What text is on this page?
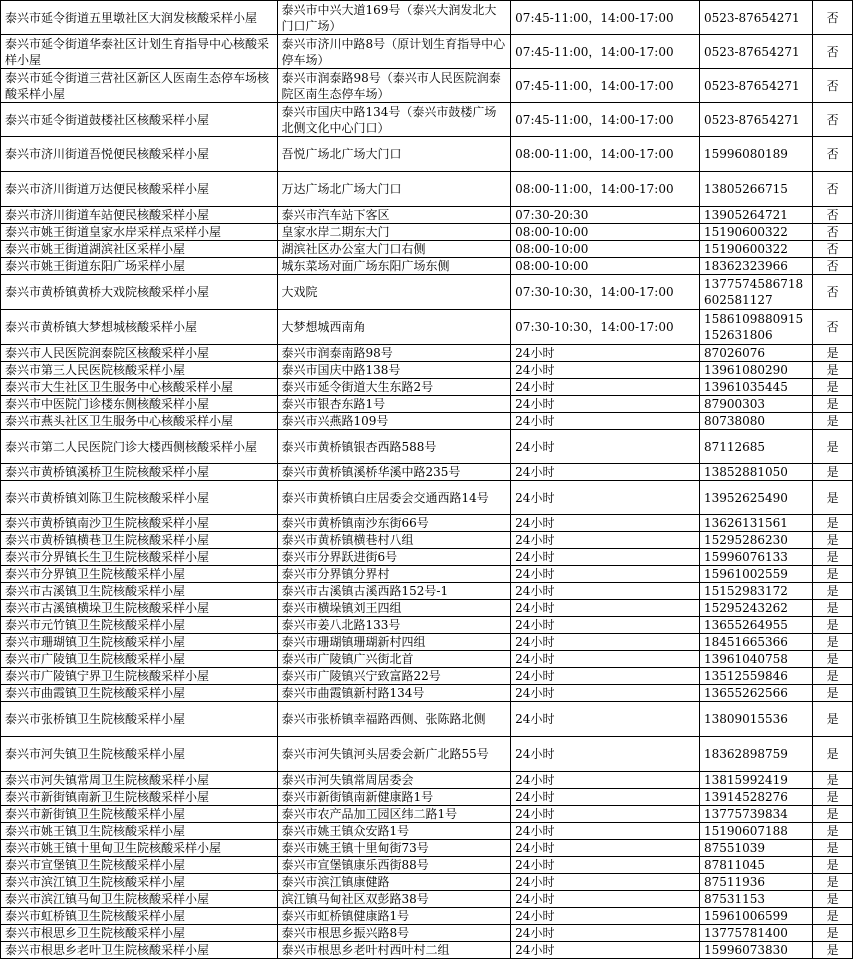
泰兴市延令街道五里墩社区大润发核酸采样小屋	泰兴市中兴大道169号（泰兴大润发北大门口广场）	07:45-11:00，14:00-17:00	0523-87654271	否
泰兴市延令街道华泰社区计划生育指导中心核酸采样小屋	泰兴市济川中路8号（原计划生育指导中心停车场）	07:45-11:00，14:00-17:00	0523-87654271	否
泰兴市延令街道三营社区新区人医南生态停车场核酸采样小屋	泰兴市润泰路98号（泰兴市人民医院润泰院区南生态停车场）	07:45-11:00，14:00-17:00	0523-87654271	否
泰兴市延令街道鼓楼社区核酸采样小屋	泰兴市国庆中路134号（泰兴市鼓楼广场北侧文化中心门口）	07:45-11:00，14:00-17:00	0523-87654271	否
泰兴市济川街道吾悦便民核酸采样小屋	吾悦广场北广场大门口	08:00-11:00，14:00-17:00	15996080189	否
泰兴市济川街道万达便民核酸采样小屋	万达广场北广场大门口	08:00-11:00，14:00-17:00	13805266715	否
泰兴市济川街道车站便民核酸采样小屋	泰兴市汽车站下客区	07:30-20:30	13905264721	否
泰兴市姚王街道皇家水岸采样点采样小屋	皇家水岸二期东大门	08:00-10:00	15190600322	否
泰兴市姚王街道湖滨社区采样小屋	湖滨社区办公室大门口右侧	08:00-10:00	15190600322	否
泰兴市姚王街道东阳广场采样小屋	城东菜场对面广场东阳广场东侧	08:00-10:00	18362323966	否
泰兴市黄桥镇黄桥大戏院核酸采样小屋	大戏院	07:30-10:30，14:00-17:00	1377574586718602581127	否
泰兴市黄桥镇大梦想城核酸采样小屋	大梦想城西南角	07:30-10:30，14:00-17:00	1586109880915152631806	否
泰兴市人民医院润泰院区核酸采样小屋	泰兴市润泰南路98号	24小时	87026076	是
泰兴市第三人民医院核酸采样小屋	泰兴市国庆中路138号	24小时	13961080290	是
泰兴市大生社区卫生服务中心核酸采样小屋	泰兴市延令街道大生东路2号	24小时	13961035445	是
泰兴市中医院门诊楼东侧核酸采样小屋	泰兴市银杏东路1号	24小时	87900303	是
泰兴市燕头社区卫生服务中心核酸采样小屋	泰兴市兴燕路109号	24小时	80738080	是
泰兴市第二人民医院门诊大楼西侧核酸采样小屋	泰兴市黄桥镇银杏西路588号	24小时	87112685	是
泰兴市黄桥镇溪桥卫生院核酸采样小屋	泰兴市黄桥镇溪桥华溪中路235号	24小时	13852881050	是
泰兴市黄桥镇刘陈卫生院核酸采样小屋	泰兴市黄桥镇白庄居委会交通西路14号	24小时	13952625490	是
泰兴市黄桥镇南沙卫生院核酸采样小屋	泰兴市黄桥镇南沙东街66号	24小时	13626131561	是
泰兴市黄桥镇横巷卫生院核酸采样小屋	泰兴市黄桥镇横巷村八组	24小时	15295286230	是
泰兴市分界镇长生卫生院核酸采样小屋	泰兴市分界跃进街6号	24小时	15996076133	是
泰兴市分界镇卫生院核酸采样小屋	泰兴市分界镇分界村	24小时	15961002559	是
泰兴市古溪镇卫生院核酸采样小屋	泰兴市古溪镇古溪西路152号-1	24小时	15152983172	是
泰兴市古溪镇横垛卫生院核酸采样小屋	泰兴市横垛镇刘王四组	24小时	15295243262	是
泰兴市元竹镇卫生院核酸采样小屋	泰兴市姜八北路133号	24小时	13655264955	是
泰兴市珊瑚镇卫生院核酸采样小屋	泰兴市珊瑚镇珊瑚新村四组	24小时	18451665366	是
泰兴市广陵镇卫生院核酸采样小屋	泰兴市广陵镇广兴街北首	24小时	13961040758	是
泰兴市广陵镇宁界卫生院核酸采样小屋	泰兴市广陵镇兴宁致富路22号	24小时	13512559846	是
泰兴市曲霞镇卫生院核酸采样小屋	泰兴市曲霞镇新村路134号	24小时	13655262566	是
泰兴市张桥镇卫生院核酸采样小屋	泰兴市张桥镇幸福路西侧、张陈路北侧	24小时	13809015536	是
泰兴市河失镇卫生院核酸采样小屋	泰兴市河失镇河头居委会新广北路55号	24小时	18362898759	是
泰兴市河失镇常周卫生院核酸采样小屋	泰兴市河失镇常周居委会	24小时	13815992419	是
泰兴市新街镇南新卫生院核酸采样小屋	泰兴市新街镇南新健康路1号	24小时	13914528276	是
泰兴市新街镇卫生院核酸采样小屋	泰兴市农产品加工园区纬二路1号	24小时	13775739834	是
泰兴市姚王镇卫生院核酸采样小屋	泰兴市姚王镇众安路1号	24小时	15190607188	是
泰兴市姚王镇十里甸卫生院核酸采样小屋	泰兴市姚王镇十里甸街73号	24小时	87551039	是
泰兴市宣堡镇卫生院核酸采样小屋	泰兴市宣堡镇康乐西街88号	24小时	87811045	是
泰兴市滨江镇卫生院核酸采样小屋	泰兴市滨江镇康健路	24小时	87511936	是
泰兴市滨江镇马甸卫生院核酸采样小屋	滨江镇马甸社区双彭路38号	24小时	87531153	是
泰兴市虹桥镇卫生院核酸采样小屋	泰兴市虹桥镇健康路1号	24小时	15961006599	是
泰兴市根思乡卫生院核酸采样小屋	泰兴市根思乡振兴路8号	24小时	13775781400	是
泰兴市根思乡老叶卫生院核酸采样小屋	泰兴市根思乡老叶村西叶村二组	24小时	15996073830	是
